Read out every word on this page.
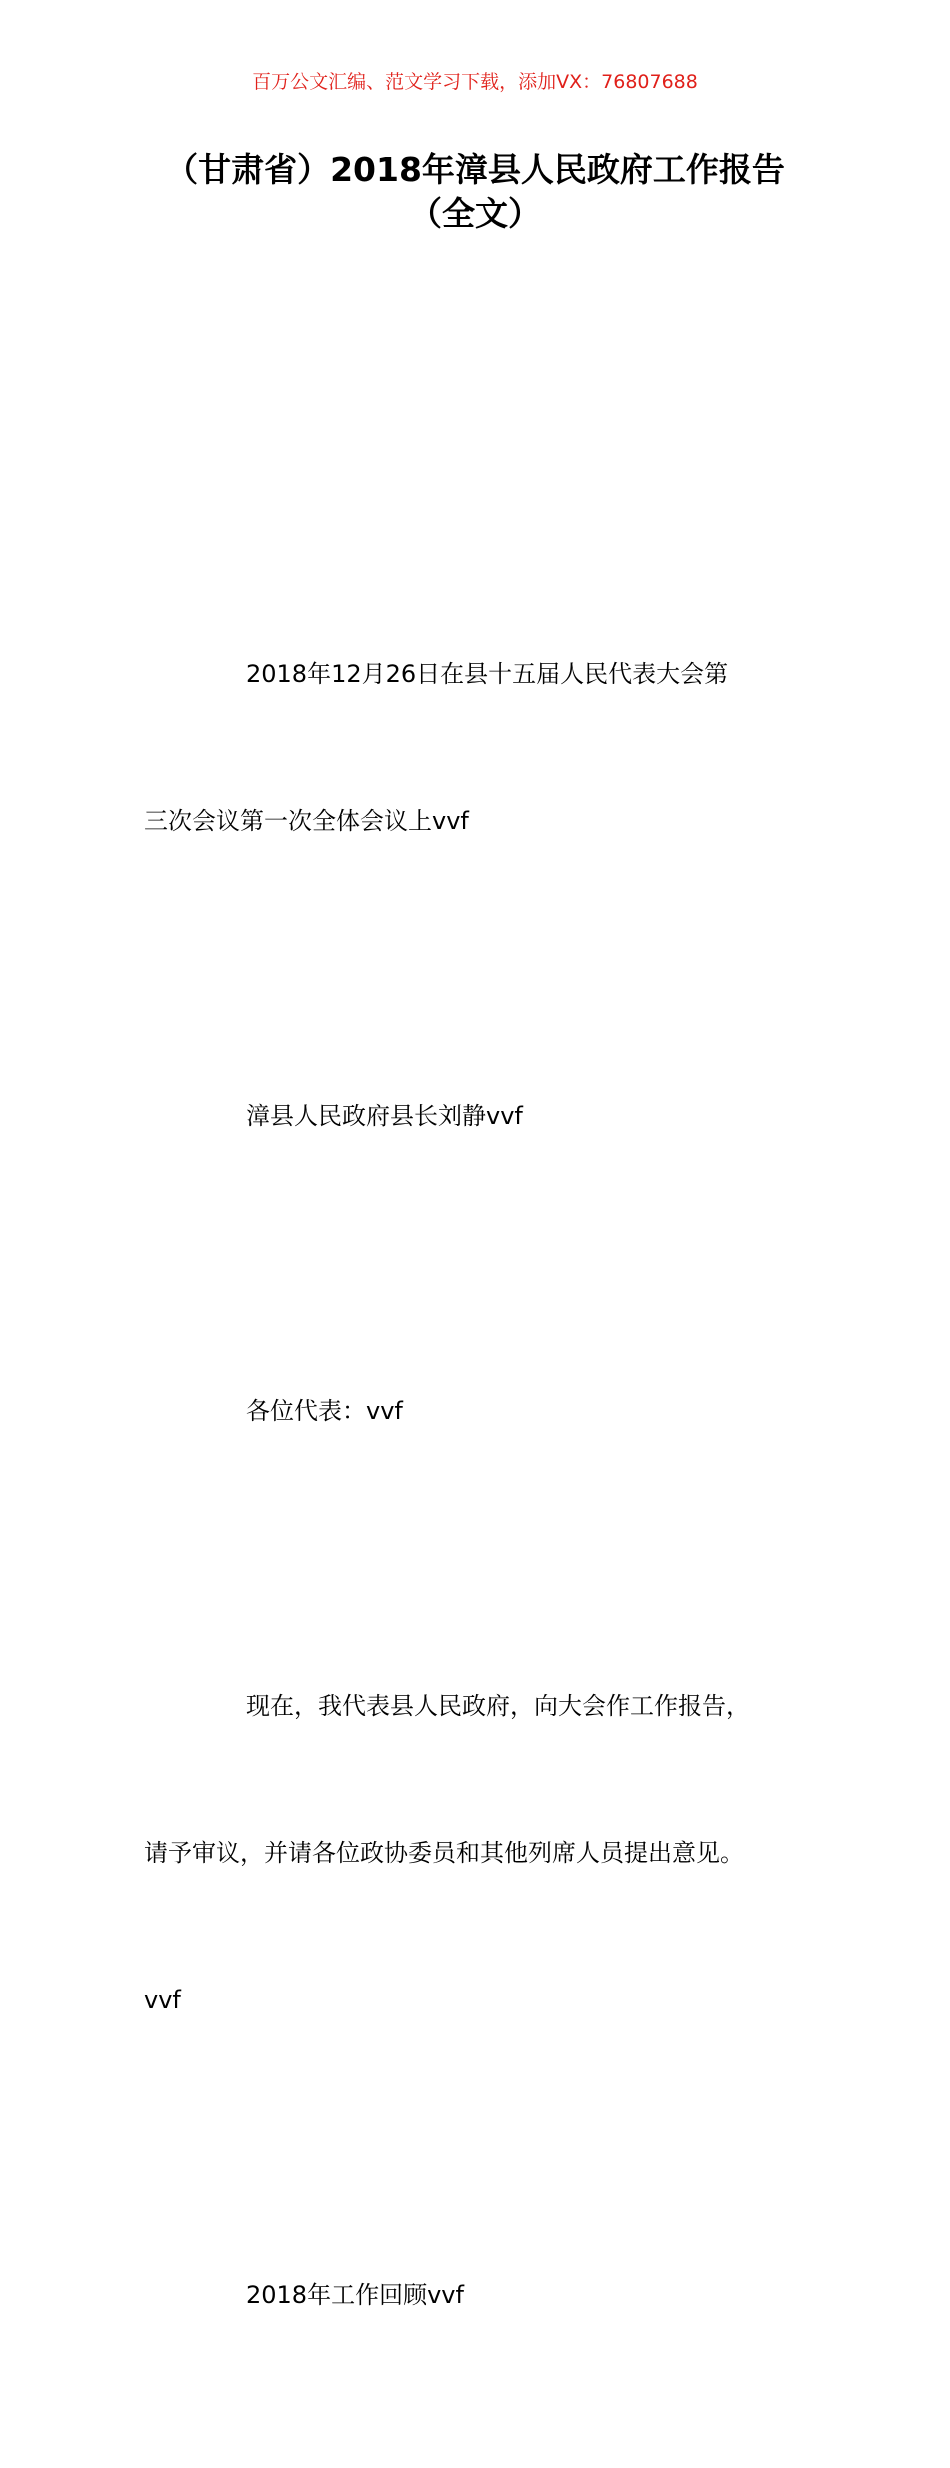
百万公文汇编、范文学习下载，添加VX：76807688
（甘肃省）2018年漳县人民政府工作报告
（全文）

2018年12月26日在县十五届人民代表大会第

三次会议第一次全体会议上vvf

漳县人民政府县长刘静vvf

各位代表：vvf

现在，我代表县人民政府，向大会作工作报告，

请予审议，并请各位政协委员和其他列席人员提出意见。

vvf

2018年工作回顾vvf
